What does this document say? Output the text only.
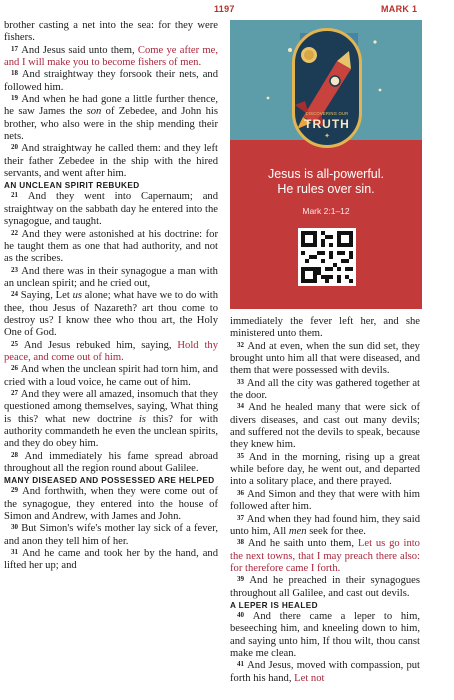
1197	MARK 1
DISCOVERING OUR
TRUTH
✦
Jesus is all-powerful.
He rules over sin.
Mark 2:1–12

brother casting a net into the sea: for they were fishers.

$^{17}$ And Jesus said unto them, Come ye after me, and I will make you to become fishers of men.

$^{18}$ And straightway they forsook their nets, and followed him.

$^{19}$ And when he had gone a little further thence, he saw James the son of Zebedee, and John his brother, who also were in the ship mending their nets.

$^{20}$ And straightway he called them: and they left their father Zebedee in the ship with the hired servants, and went after him.

AN UNCLEAN SPIRIT REBUKED

$^{21}$ And they went into Capernaum; and straightway on the sabbath day he entered into the synagogue, and taught.

$^{22}$ And they were astonished at his doctrine: for he taught them as one that had authority, and not as the scribes.

$^{23}$ And there was in their synagogue a man with an unclean spirit; and he cried out,

$^{24}$ Saying, Let us alone; what have we to do with thee, thou Jesus of Nazareth? art thou come to destroy us? I know thee who thou art, the Holy One of God.

$^{25}$ And Jesus rebuked him, saying, Hold thy peace, and come out of him.

$^{26}$ And when the unclean spirit had torn him, and cried with a loud voice, he came out of him.

$^{27}$ And they were all amazed, insomuch that they questioned among themselves, saying, What thing is this? what new doctrine is this? for with authority commandeth he even the unclean spirits, and they do obey him.

$^{28}$ And immediately his fame spread abroad throughout all the region round about Galilee.

MANY DISEASED AND POSSESSED ARE HELPED

$^{29}$ And forthwith, when they were come out of the synagogue, they entered into the house of Simon and Andrew, with James and John.

$^{30}$ But Simon's wife's mother lay sick of a fever, and anon they tell him of her.

$^{31}$ And he came and took her by the hand, and lifted her up; and

immediately the fever left her, and she ministered unto them.

$^{32}$ And at even, when the sun did set, they brought unto him all that were diseased, and them that were possessed with devils.

$^{33}$ And all the city was gathered together at the door.

$^{34}$ And he healed many that were sick of divers diseases, and cast out many devils; and suffered not the devils to speak, because they knew him.

$^{35}$ And in the morning, rising up a great while before day, he went out, and departed into a solitary place, and there prayed.

$^{36}$ And Simon and they that were with him followed after him.

$^{37}$ And when they had found him, they said unto him, All men seek for thee.

$^{38}$ And he saith unto them, Let us go into the next towns, that I may preach there also: for therefore came I forth.

$^{39}$ And he preached in their synagogues throughout all Galilee, and cast out devils.

A LEPER IS HEALED

$^{40}$ And there came a leper to him, beseeching him, and kneeling down to him, and saying unto him, If thou wilt, thou canst make me clean.

$^{41}$ And Jesus, moved with compassion, put forth his hand, Let not
